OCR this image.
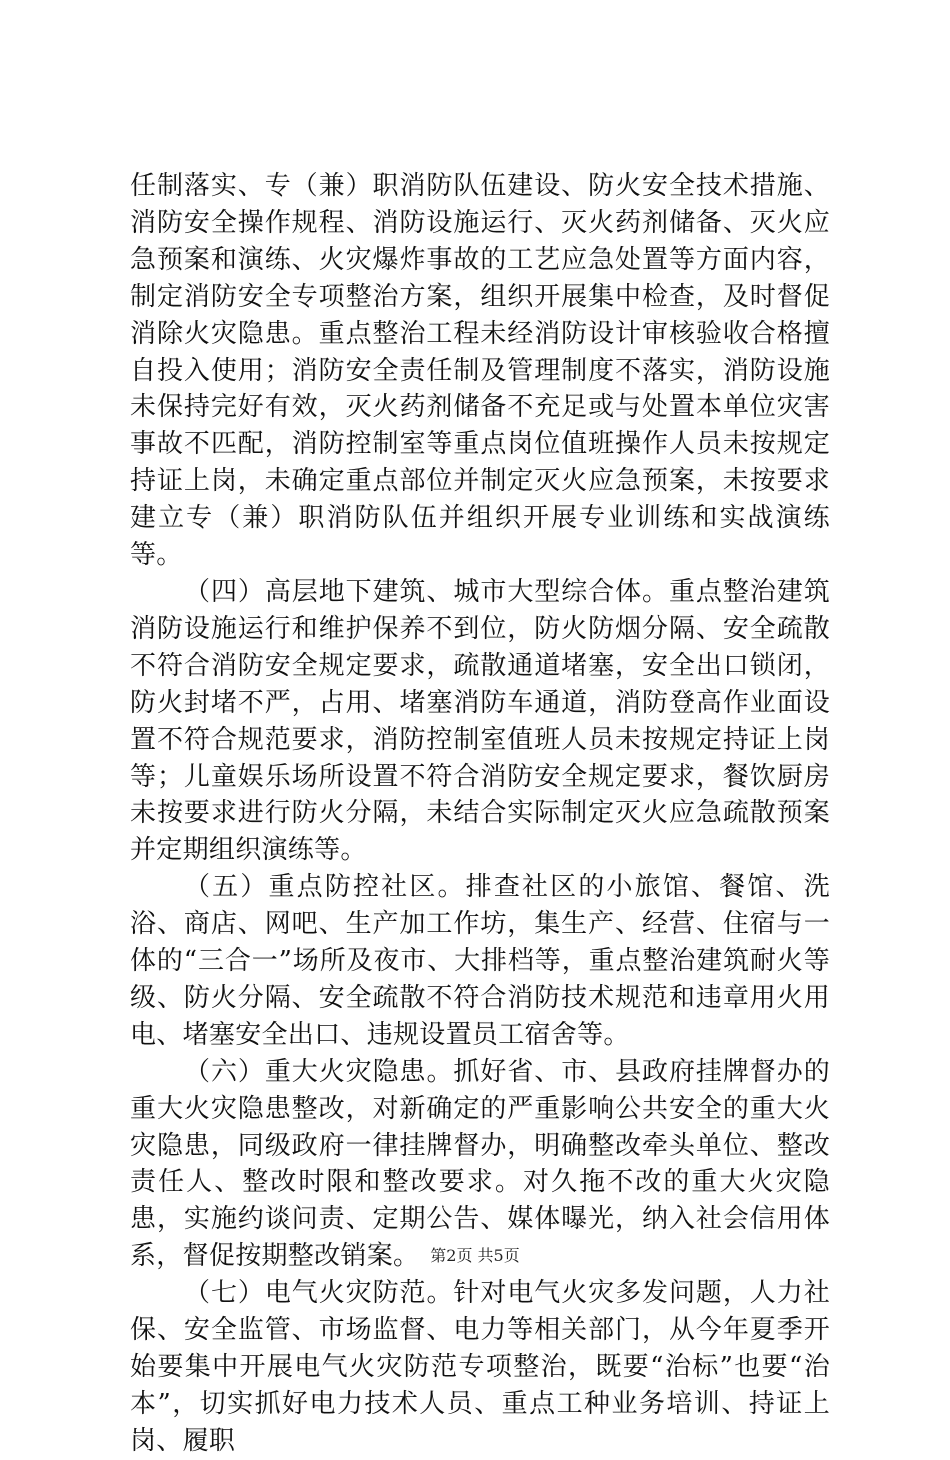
任制落实、专（兼）职消防队伍建设、防火安全技术措施、消防安全操作规程、消防设施运行、灭火药剂储备、灭火应急预案和演练、火灾爆炸事故的工艺应急处置等方面内容，制定消防安全专项整治方案，组织开展集中检查，及时督促消除火灾隐患。重点整治工程未经消防设计审核验收合格擅自投入使用；消防安全责任制及管理制度不落实，消防设施未保持完好有效，灭火药剂储备不充足或与处置本单位灾害事故不匹配，消防控制室等重点岗位值班操作人员未按规定持证上岗，未确定重点部位并制定灭火应急预案，未按要求建立专（兼）职消防队伍并组织开展专业训练和实战演练等。

（四）高层地下建筑、城市大型综合体。重点整治建筑消防设施运行和维护保养不到位，防火防烟分隔、安全疏散不符合消防安全规定要求，疏散通道堵塞，安全出口锁闭，防火封堵不严，占用、堵塞消防车通道，消防登高作业面设置不符合规范要求，消防控制室值班人员未按规定持证上岗等；儿童娱乐场所设置不符合消防安全规定要求，餐饮厨房未按要求进行防火分隔，未结合实际制定灭火应急疏散预案并定期组织演练等。

（五）重点防控社区。排查社区的小旅馆、餐馆、洗浴、商店、网吧、生产加工作坊，集生产、经营、住宿与一体的“三合一”场所及夜市、大排档等，重点整治建筑耐火等级、防火分隔、安全疏散不符合消防技术规范和违章用火用电、堵塞安全出口、违规设置员工宿舍等。

（六）重大火灾隐患。抓好省、市、县政府挂牌督办的重大火灾隐患整改，对新确定的严重影响公共安全的重大火灾隐患，同级政府一律挂牌督办，明确整改牵头单位、整改责任人、整改时限和整改要求。对久拖不改的重大火灾隐患，实施约谈问责、定期公告、媒体曝光，纳入社会信用体系，督促按期整改销案。

（七）电气火灾防范。针对电气火灾多发问题，人力社保、安全监管、市场监督、电力等相关部门，从今年夏季开始要集中开展电气火灾防范专项整治，既要“治标”也要“治本”，切实抓好电力技术人员、重点工种业务培训、持证上岗、履职

第2页 共5页
